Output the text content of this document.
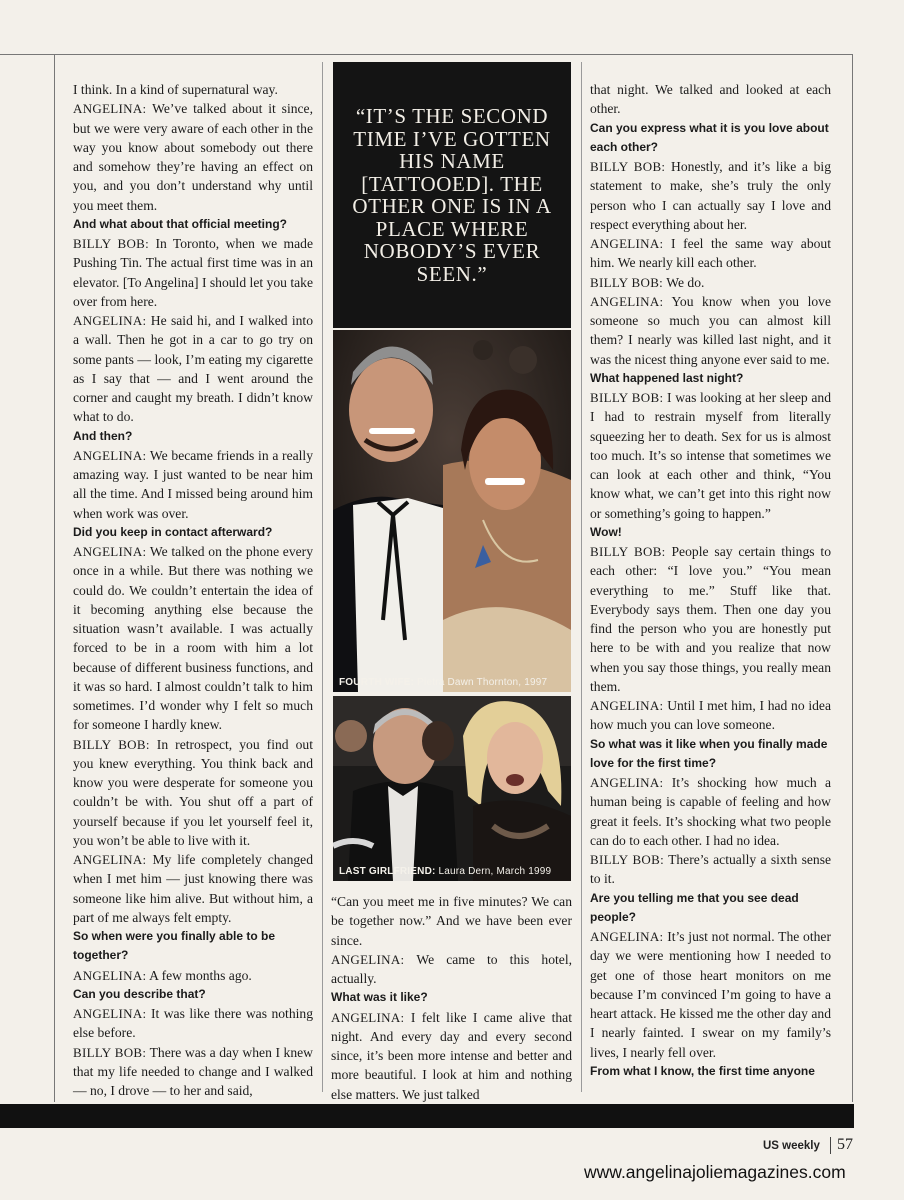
I think. In a kind of supernatural way.

ANGELINA: We’ve talked about it since, but we were very aware of each other in the way you know about somebody out there and somehow they’re having an effect on you, and you don’t understand why until you meet them.

And what about that official meeting?

BILLY BOB: In Toronto, when we made Pushing Tin. The actual first time was in an elevator. [To Angelina] I should let you take over from here.

ANGELINA: He said hi, and I walked into a wall. Then he got in a car to go try on some pants — look, I’m eating my cigarette as I say that — and I went around the corner and caught my breath. I didn’t know what to do.

And then?

ANGELINA: We became friends in a really amazing way. I just wanted to be near him all the time. And I missed being around him when work was over.

Did you keep in contact afterward?

ANGELINA: We talked on the phone every once in a while. But there was nothing we could do. We couldn’t entertain the idea of it becoming anything else because the situation wasn’t available. I was actually forced to be in a room with him a lot because of different business functions, and it was so hard. I almost couldn’t talk to him sometimes. I’d wonder why I felt so much for someone I hardly knew.

BILLY BOB: In retrospect, you find out you knew everything. You think back and know you were desperate for someone you couldn’t be with. You shut off a part of yourself because if you let yourself feel it, you won’t be able to live with it.

ANGELINA: My life completely changed when I met him — just knowing there was someone like him alive. But without him, a part of me always felt empty.

So when were you finally able to be together?

ANGELINA: A few months ago.

Can you describe that?

ANGELINA: It was like there was nothing else before.

BILLY BOB: There was a day when I knew that my life needed to change and I walked — no, I drove — to her and said,

“IT’S THE SECOND TIME I’VE GOTTEN HIS NAME [TATTOOED]. THE OTHER ONE IS IN A PLACE WHERE NOBODY’S EVER SEEN.”
FOURTH WIFE: Pietra Dawn Thornton, 1997
LAST GIRLFRIEND: Laura Dern, March 1999

“Can you meet me in five minutes? We can be together now.” And we have been ever since.

ANGELINA: We came to this hotel, actually.

What was it like?

ANGELINA: I felt like I came alive that night. And every day and every second since, it’s been more intense and better and more beautiful. I look at him and nothing else matters. We just talked

that night. We talked and looked at each other.

Can you express what it is you love about each other?

BILLY BOB: Honestly, and it’s like a big statement to make, she’s truly the only person who I can actually say I love and respect everything about her.

ANGELINA: I feel the same way about him. We nearly kill each other.

BILLY BOB: We do.

ANGELINA: You know when you love someone so much you can almost kill them? I nearly was killed last night, and it was the nicest thing anyone ever said to me.

What happened last night?

BILLY BOB: I was looking at her sleep and I had to restrain myself from literally squeezing her to death. Sex for us is almost too much. It’s so intense that sometimes we can look at each other and think, “You know what, we can’t get into this right now or something’s going to happen.”

Wow!

BILLY BOB: People say certain things to each other: “I love you.” “You mean everything to me.” Stuff like that. Everybody says them. Then one day you find the person who you are honestly put here to be with and you realize that now when you say those things, you really mean them.

ANGELINA: Until I met him, I had no idea how much you can love someone.

So what was it like when you finally made love for the first time?

ANGELINA: It’s shocking how much a human being is capable of feeling and how great it feels. It’s shocking what two people can do to each other. I had no idea.

BILLY BOB: There’s actually a sixth sense to it.

Are you telling me that you see dead people?

ANGELINA: It’s just not normal. The other day we were mentioning how I needed to get one of those heart monitors on me because I’m convinced I’m going to have a heart attack. He kissed me the other day and I nearly fainted. I swear on my family’s lives, I nearly fell over.

From what I know, the first time anyone

US weekly 57
www.angelinajoliemagazines.com
